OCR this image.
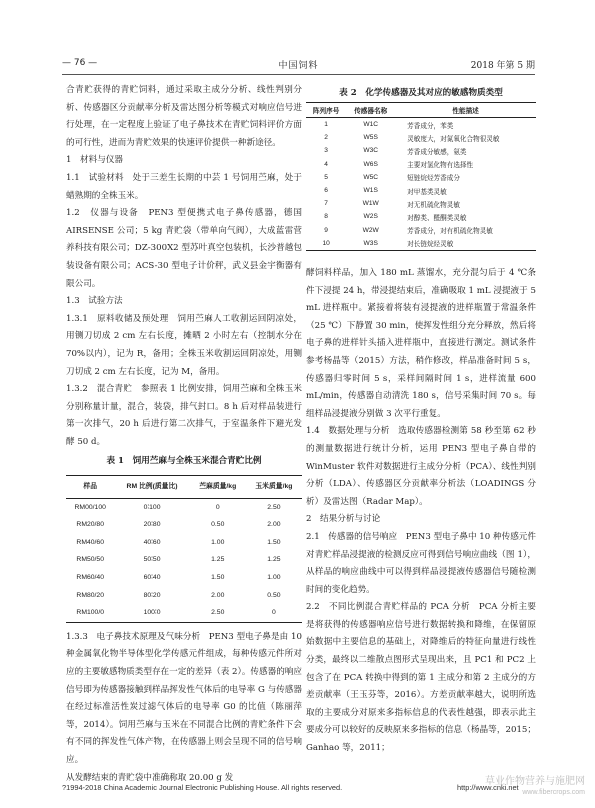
— 76 —	中国饲料	2018 年第 5 期

合青贮获得的青贮饲料，通过采取主成分分析、线性判别分析、传感器区分贡献率分析及雷达图分析等模式对响应信号进行处理，在一定程度上验证了电子鼻技术在青贮饲料评价方面的可行性，进而为青贮效果的快速评价提供一种新途径。

1　材料与仪器

1.1　试验材料　处于三差生长期的中芸 1 号饲用苎麻，处于蜡熟期的全株玉米。

1.2　仪器与设备　PEN3 型便携式电子鼻传感器，德国 AIRSENSE 公司；5 kg 青贮袋（带单向气阀），大成蓝雷营养科技有限公司；DZ-300X2 型苏叶真空包装机，长沙普越包装设备有限公司；ACS-30 型电子计价秤，武义县金宇衡器有限公司。

1.3　试验方法

1.3.1　原料收储及预处理　饲用苎麻人工收割运回阴凉处，用铡刀切成 2 cm 左右长度，摊晒 2 小时左右（控制水分在 70%以内），记为 R，备用；全株玉米收割运回阴凉处，用铡刀切成 2 cm 左右长度，记为 M，备用。

1.3.2　混合青贮　参照表 1 比例安排，饲用苎麻和全株玉米分别称量计量，混合，装袋，排气封口。8 h 后对样品装进行第一次排气，20 h 后进行第二次排气，于室温条件下避光发酵 50 d。

表 1　饲用苎麻与全株玉米混合青贮比例
样品	RM 比例(质量比)	苎麻质量/kg	玉米质量/kg
RM00/100	0∶100	0	2.50
RM20/80	20∶80	0.50	2.00
RM40/60	40∶60	1.00	1.50
RM50/50	50∶50	1.25	1.25
RM60/40	60∶40	1.50	1.00
RM80/20	80∶20	2.00	0.50
RM100/0	100∶0	2.50	0

1.3.3　电子鼻技术原理及气味分析　PEN3 型电子鼻是由 10 种金属氧化物半导体型化学传感元件组成，每种传感元件所对应的主要敏感物质类型存在一定的差异（表 2）。传感器的响应信号即为传感器接触到样品挥发性气体后的电导率 G 与传感器在经过标准活性炭过滤气体后的电导率 G0 的比值（陈丽萍等，2014）。饲用苎麻与玉米在不同混合比例的青贮条件下会有不同的挥发性气体产物，在传感器上则会呈现不同的信号响应。

从发酵结束的青贮袋中准确称取 20.00 g 发

表 2　化学传感器及其对应的敏感物质类型
阵列序号	传感器名称	性能描述
1	W1C	芳香成分，苯类
2	W5S	灵敏度大，对氮氧化合物很灵敏
3	W3C	芳香成分敏感，氨类
4	W6S	主要对氢化物有选择性
5	W5C	短链烷烃芳香成分
6	W1S	对甲基类灵敏
7	W1W	对无机硫化物灵敏
8	W2S	对醇类、醛酮类灵敏
9	W2W	芳香成分，对有机硫化物灵敏
10	W3S	对长链烷烃灵敏

酵饲料样品，加入 180 mL 蒸馏水，充分混匀后于 4 ℃条件下浸提 24 h，带浸提结束后，准确吸取 1 mL 浸提液于 5 mL 进样瓶中。紧接着将装有浸提液的进样瓶置于常温条件（25 ℃）下静置 30 min，使挥发性组分充分释放，然后将电子鼻的进样针头插入进样瓶中，直接进行测定。测试条件参考杨晶等（2015）方法，稍作修改，样品准备时间 5 s，传感器归零时间 5 s，采样间隔时间 1 s，进样流量 600 mL/min，传感器自动清洗 180 s，信号采集时间 70 s。每组样品浸提液分别做 3 次平行重复。

1.4　数据处理与分析　选取传感器检测第 58 秒至第 62 秒的测量数据进行统计分析，运用 PEN3 型电子鼻自带的 WinMuster 软件对数据进行主成分分析（PCA）、线性判别分析（LDA）、传感器区分贡献率分析法（LOADINGS 分析）及雷达图（Radar Map）。

2　结果分析与讨论

2.1　传感器的信号响应　PEN3 型电子鼻中 10 种传感元件对青贮样品浸提液的检测反应可得到信号响应曲线（图 1），从样品的响应曲线中可以得到样品浸提液传感器信号随检测时间的变化趋势。

2.2　不同比例混合青贮样品的 PCA 分析　PCA 分析主要是将获得的传感器响应信号进行数据转换和降维，在保留原始数据中主要信息的基础上，对降维后的特征向量进行线性分类，最终以二维散点图形式呈现出来，且 PC1 和 PC2 上包含了在 PCA 转换中得到的第 1 主成分和第 2 主成分的方差贡献率（王玉芬等，2016）。方差贡献率越大，说明所选取的主要成分对原来多指标信息的代表性越强，即表示此主要成分可以较好的反映原来多指标的信息（杨晶等，2015；Ganhao 等，2011；

?1994-2018 China Academic Journal Electronic Publishing House. All rights reserved.	http://www.cnki.net
草业作物营养与施肥网
www.fibercrops.com
